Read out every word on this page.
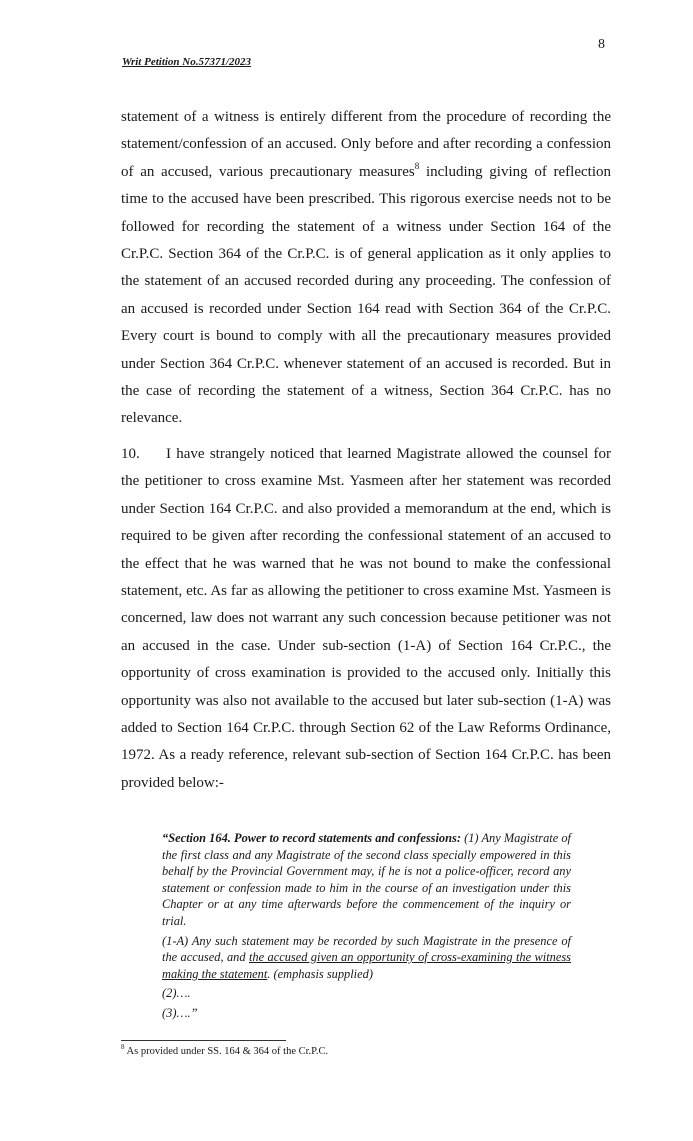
8

Writ Petition No.57371/2023

statement of a witness is entirely different from the procedure of recording the statement/confession of an accused. Only before and after recording a confession of an accused, various precautionary measures$^8$ including giving of reflection time to the accused have been prescribed. This rigorous exercise needs not to be followed for recording the statement of a witness under Section 164 of the Cr.P.C. Section 364 of the Cr.P.C. is of general application as it only applies to the statement of an accused recorded during any proceeding. The confession of an accused is recorded under Section 164 read with Section 364 of the Cr.P.C. Every court is bound to comply with all the precautionary measures provided under Section 364 Cr.P.C. whenever statement of an accused is recorded. But in the case of recording the statement of a witness, Section 364 Cr.P.C. has no relevance.

10. I have strangely noticed that learned Magistrate allowed the counsel for the petitioner to cross examine Mst. Yasmeen after her statement was recorded under Section 164 Cr.P.C. and also provided a memorandum at the end, which is required to be given after recording the confessional statement of an accused to the effect that he was warned that he was not bound to make the confessional statement, etc. As far as allowing the petitioner to cross examine Mst. Yasmeen is concerned, law does not warrant any such concession because petitioner was not an accused in the case. Under sub-section (1-A) of Section 164 Cr.P.C., the opportunity of cross examination is provided to the accused only. Initially this opportunity was also not available to the accused but later sub-section (1-A) was added to Section 164 Cr.P.C. through Section 62 of the Law Reforms Ordinance, 1972. As a ready reference, relevant sub-section of Section 164 Cr.P.C. has been provided below:-

“Section 164. Power to record statements and confessions: (1) Any Magistrate of the first class and any Magistrate of the second class specially empowered in this behalf by the Provincial Government may, if he is not a police-officer, record any statement or confession made to him in the course of an investigation under this Chapter or at any time afterwards before the commencement of the inquiry or trial.

(1-A) Any such statement may be recorded by such Magistrate in the presence of the accused, and the accused given an opportunity of cross-examining the witness making the statement. (emphasis supplied)

(2)….

(3)….”

$^8$ As provided under SS. 164 & 364 of the Cr.P.C.
